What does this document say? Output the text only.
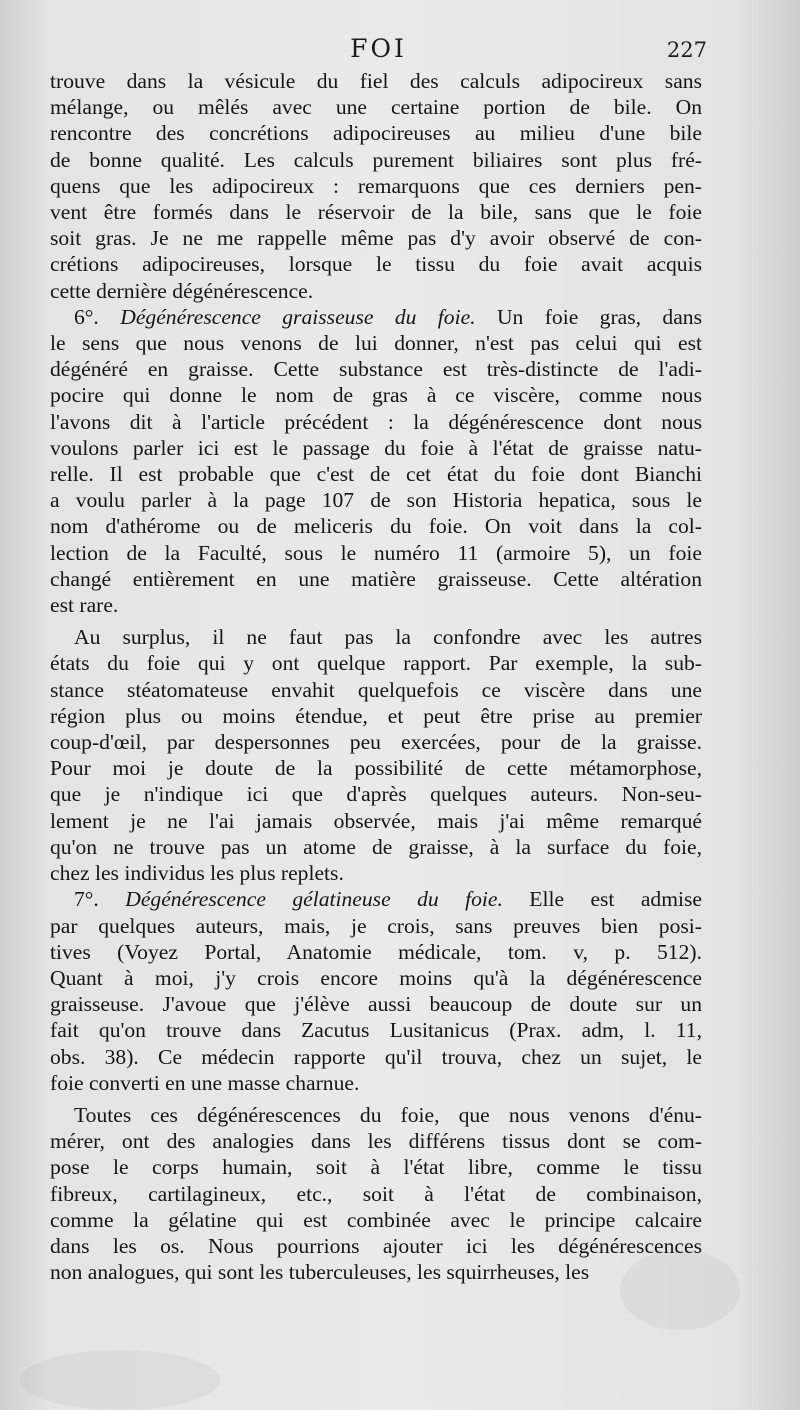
FOI	227
trouve dans la vésicule du fiel des calculs adipocireux sans
mélange, ou mêlés avec une certaine portion de bile. On
rencontre des concrétions adipocireuses au milieu d'une bile
de bonne qualité. Les calculs purement biliaires sont plus fré-
quens que les adipocireux : remarquons que ces derniers pen-
vent être formés dans le réservoir de la bile, sans que le foie
soit gras. Je ne me rappelle même pas d'y avoir observé de con-
crétions adipocireuses, lorsque le tissu du foie avait acquis
cette dernière dégénérescence.
6°. Dégénérescence graisseuse du foie. Un foie gras, dans
le sens que nous venons de lui donner, n'est pas celui qui est
dégénéré en graisse. Cette substance est très-distincte de l'adi-
pocire qui donne le nom de gras à ce viscère, comme nous
l'avons dit à l'article précédent : la dégénérescence dont nous
voulons parler ici est le passage du foie à l'état de graisse natu-
relle. Il est probable que c'est de cet état du foie dont Bianchi
a voulu parler à la page 107 de son Historia hepatica, sous le
nom d'athérome ou de meliceris du foie. On voit dans la col-
lection de la Faculté, sous le numéro 11 (armoire 5), un foie
changé entièrement en une matière graisseuse. Cette altération
est rare.
Au surplus, il ne faut pas la confondre avec les autres
états du foie qui y ont quelque rapport. Par exemple, la sub-
stance stéatomateuse envahit quelquefois ce viscère dans une
région plus ou moins étendue, et peut être prise au premier
coup-d'œil, par despersonnes peu exercées, pour de la graisse.
Pour moi je doute de la possibilité de cette métamorphose,
que je n'indique ici que d'après quelques auteurs. Non-seu-
lement je ne l'ai jamais observée, mais j'ai même remarqué
qu'on ne trouve pas un atome de graisse, à la surface du foie,
chez les individus les plus replets.
7°. Dégénérescence gélatineuse du foie. Elle est admise
par quelques auteurs, mais, je crois, sans preuves bien posi-
tives (Voyez Portal, Anatomie médicale, tom. v, p. 512).
Quant à moi, j'y crois encore moins qu'à la dégénérescence
graisseuse. J'avoue que j'élève aussi beaucoup de doute sur un
fait qu'on trouve dans Zacutus Lusitanicus (Prax. adm, l. 11,
obs. 38). Ce médecin rapporte qu'il trouva, chez un sujet, le
foie converti en une masse charnue.
Toutes ces dégénérescences du foie, que nous venons d'énu-
mérer, ont des analogies dans les différens tissus dont se com-
pose le corps humain, soit à l'état libre, comme le tissu
fibreux, cartilagineux, etc., soit à l'état de combinaison,
comme la gélatine qui est combinée avec le principe calcaire
dans les os. Nous pourrions ajouter ici les dégénérescences
non analogues, qui sont les tuberculeuses, les squirrheuses, les
